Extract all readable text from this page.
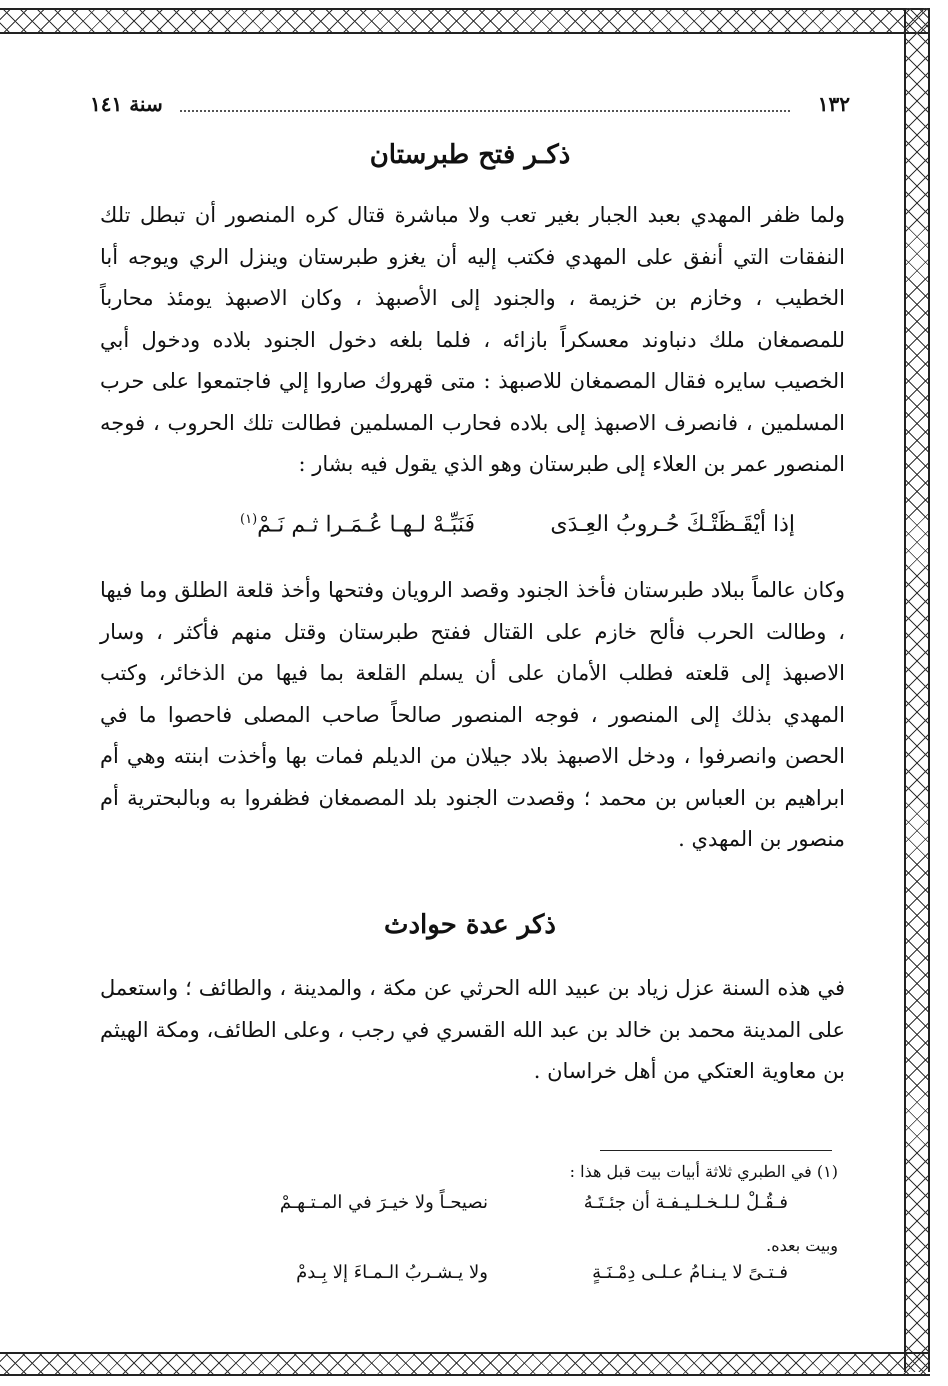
١٣٢
سنة ١٤١
ذكـر فتح طبرستان

ولما ظفر المهدي بعبد الجبار بغير تعب ولا مباشرة قتال كره المنصور أن تبطل تلك النفقات التي أنفق على المهدي فكتب إليه أن يغزو طبرستان وينزل الري ويوجه أبا الخطيب ، وخازم بن خزيمة ، والجنود إلى الأصبهذ ، وكان الاصبهذ يومئذ محارباً للمصمغان ملك دنباوند معسكراً بازائه ، فلما بلغه دخول الجنود بلاده ودخول أبي الخصيب سايره فقال المصمغان للاصبهذ : متى قهروك صاروا إلي فاجتمعوا على حرب المسلمين ، فانصرف الاصبهذ إلى بلاده فحارب المسلمين فطالت تلك الحروب ، فوجه المنصور عمر بن العلاء إلى طبرستان وهو الذي يقول فيه بشار :

إذا أيْقَـظَتْـكَ حُـروبُ العِـدَى
فَنَبِّـهْ لـهـا عُـمَـرا ثـم نَـمْ$^{(١)}$

وكان عالماً ببلاد طبرستان فأخذ الجنود وقصد الرويان وفتحها وأخذ قلعة الطلق وما فيها ، وطالت الحرب فألح خازم على القتال ففتح طبرستان وقتل منهم فأكثر ، وسار الاصبهذ إلى قلعته فطلب الأمان على أن يسلم القلعة بما فيها من الذخائر، وكتب المهدي بذلك إلى المنصور ، فوجه المنصور صالحاً صاحب المصلى فاحصوا ما في الحصن وانصرفوا ، ودخل الاصبهذ بلاد جيلان من الديلم فمات بها وأخذت ابنته وهي أم ابراهيم بن العباس بن محمد ؛ وقصدت الجنود بلد المصمغان فظفروا به وبالبحترية أم منصور بن المهدي .

ذكر عدة حوادث

في هذه السنة عزل زياد بن عبيد الله الحرثي عن مكة ، والمدينة ، والطائف ؛ واستعمل على المدينة محمد بن خالد بن عبد الله القسري في رجب ، وعلى الطائف، ومكة الهيثم بن معاوية العتكي من أهل خراسان .

(١) في الطبري ثلاثة أبيات بيت قبل هذا :
فـقُـلْ لـلـخـلـيـفـة أن جئـتَـهُ
نصيحـاً ولا خيـرَ في المـتـهـمْ
وبيت بعده.
فـتـىً لا يـنـامُ عـلـى دِمْـنَـةٍ
ولا يـشـربُ الـمـاءَ إلا بِـدمْ
